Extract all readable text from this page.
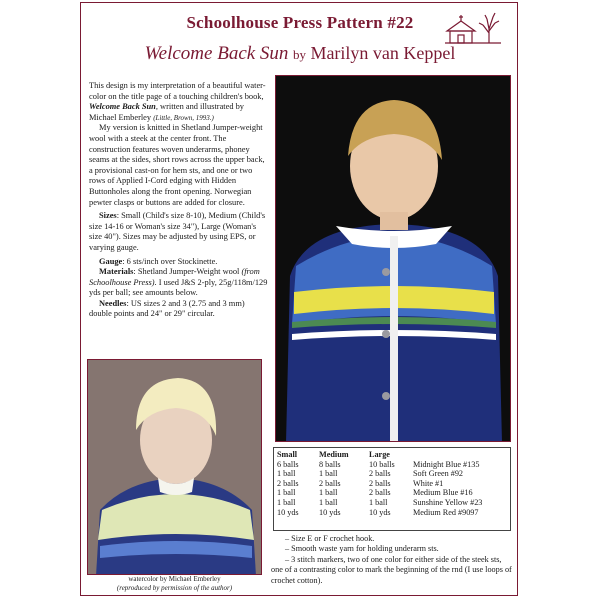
Schoolhouse Press Pattern #22
Welcome Back Sun by Marilyn van Keppel

This design is my interpretation of a beautiful water-color on the title page of a touching children's book, Welcome Back Sun, written and illustrated by Michael Emberley (Little, Brown, 1993.)

My version is knitted in Shetland Jumper-weight wool with a steek at the center front. The construction features woven underarms, phoney seams at the sides, short rows across the upper back, a provisional cast-on for hem sts, and one or two rows of Applied I-Cord edging with Hidden Buttonholes along the front opening. Norwegian pewter clasps or buttons are added for closure.

Sizes: Small (Child's size 8-10), Medium (Child's size 14-16 or Woman's size 34"), Large (Woman's size 40"). Sizes may be adjusted by using EPS, or varying gauge.

Gauge: 6 sts/inch over Stockinette.

Materials: Shetland Jumper-Weight wool (from Schoolhouse Press). I used J&S 2-ply, 25g/118m/129 yds per ball; see amounts below.

Needles: US sizes 2 and 3 (2.75 and 3 mm) double points and 24" or 29" circular.

watercolor by Michael Emberley
(reproduced by permission of the author)
Small	Medium	Large	
6 balls	8 balls	10 balls	Midnight Blue #135
1 ball	1 ball	2 balls	Soft Green #92
2 balls	2 balls	2 balls	White #1
1 ball	1 ball	2 balls	Medium Blue #16
1 ball	1 ball	1 ball	Sunshine Yellow #23
10 yds	10 yds	10 yds	Medium Red #9097

– Size E or F crochet hook.

– Smooth waste yarn for holding underarm sts.

– 3 stitch markers, two of one color for either side of the steek sts, one of a contrasting color to mark the beginning of the rnd (I use loops of crochet cotton).
